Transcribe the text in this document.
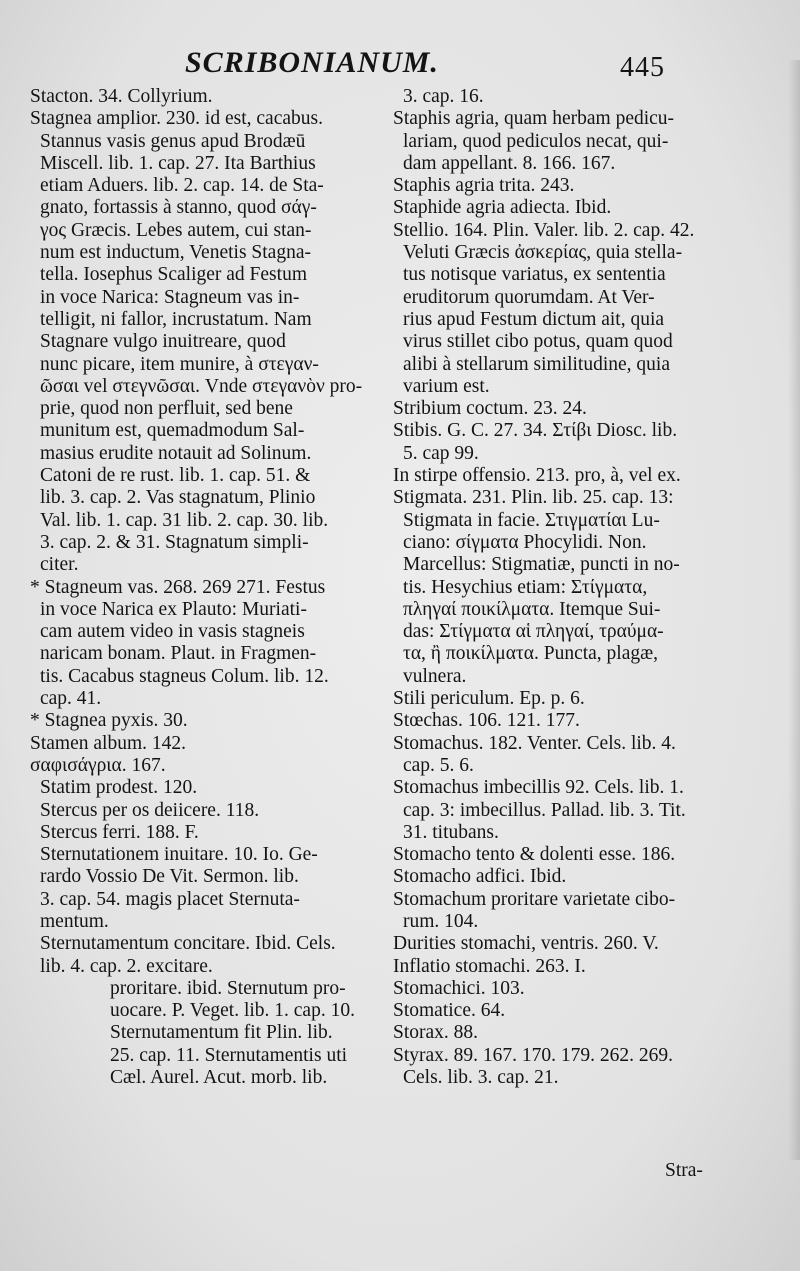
SCRIBONIANUM.	445
Stacton. 34. Collyrium.
Stagnea amplior. 230. id est, cacabus.
Stannus vasis genus apud Brodæū
Miscell. lib. 1. cap. 27. Ita Barthius
etiam Aduers. lib. 2. cap. 14. de Sta-
gnato, fortassis à stanno, quod σάγ-
γος Græcis. Lebes autem, cui stan-
num est inductum, Venetis Stagna-
tella. Iosephus Scaliger ad Festum
in voce Narica: Stagneum vas in-
telligit, ni fallor, incrustatum. Nam
Stagnare vulgo inuitreare, quod
nunc picare, item munire, à στεγαν-
ῶσαι vel στεγνῶσαι. Vnde στεγανὸν pro-
prie, quod non perfluit, sed bene
munitum est, quemadmodum Sal-
masius erudite notauit ad Solinum.
Catoni de re rust. lib. 1. cap. 51. &
lib. 3. cap. 2. Vas stagnatum, Plinio
Val. lib. 1. cap. 31 lib. 2. cap. 30. lib.
3. cap. 2. & 31. Stagnatum simpli-
citer.
* Stagneum vas. 268. 269 271. Festus
in voce Narica ex Plauto: Muriati-
cam autem video in vasis stagneis
naricam bonam. Plaut. in Fragmen-
tis. Cacabus stagneus Colum. lib. 12.
cap. 41.
* Stagnea pyxis. 30.
Stamen album. 142.
σαφισάγρια. 167.
Statim prodest. 120.
Stercus per os deiicere. 118.
Stercus ferri. 188. F.
Sternutationem inuitare. 10. Io. Ge-
rardo Vossio De Vit. Sermon. lib.
3. cap. 54. magis placet Sternuta-
mentum.
Sternutamentum concitare. Ibid. Cels.
lib. 4. cap. 2. excitare.
proritare. ibid. Sternutum pro-
uocare. P. Veget. lib. 1. cap. 10.
Sternutamentum fit Plin. lib.
25. cap. 11. Sternutamentis uti
Cæl. Aurel. Acut. morb. lib.
3. cap. 16.
Staphis agria, quam herbam pedicu-
lariam, quod pediculos necat, qui-
dam appellant. 8. 166. 167.
Staphis agria trita. 243.
Staphide agria adiecta. Ibid.
Stellio. 164. Plin. Valer. lib. 2. cap. 42.
Veluti Græcis ἀσκερίας, quia stella-
tus notisque variatus, ex sententia
eruditorum quorumdam. At Ver-
rius apud Festum dictum ait, quia
virus stillet cibo potus, quam quod
alibi à stellarum similitudine, quia
varium est.
Stribium coctum. 23. 24.
Stibis. G. C. 27. 34. Στίβι Diosc. lib.
5. cap 99.
In stirpe offensio. 213. pro, à, vel ex.
Stigmata. 231. Plin. lib. 25. cap. 13:
Stigmata in facie. Στιγματίαι Lu-
ciano: σίγματα Phocylidi. Non.
Marcellus: Stigmatiæ, puncti in no-
tis. Hesychius etiam: Στίγματα,
πληγαί ποικίλματα. Itemque Sui-
das: Στίγματα αἱ πληγαί, τραύμα-
τα, ἢ ποικίλματα. Puncta, plagæ,
vulnera.
Stili periculum. Ep. p. 6.
Stœchas. 106. 121. 177.
Stomachus. 182. Venter. Cels. lib. 4.
cap. 5. 6.
Stomachus imbecillis 92. Cels. lib. 1.
cap. 3: imbecillus. Pallad. lib. 3. Tit.
31. titubans.
Stomacho tento & dolenti esse. 186.
Stomacho adfici. Ibid.
Stomachum proritare varietate cibo-
rum. 104.
Durities stomachi, ventris. 260. V.
Inflatio stomachi. 263. I.
Stomachici. 103.
Stomatice. 64.
Storax. 88.
Styrax. 89. 167. 170. 179. 262. 269.
Cels. lib. 3. cap. 21.
Stra-
